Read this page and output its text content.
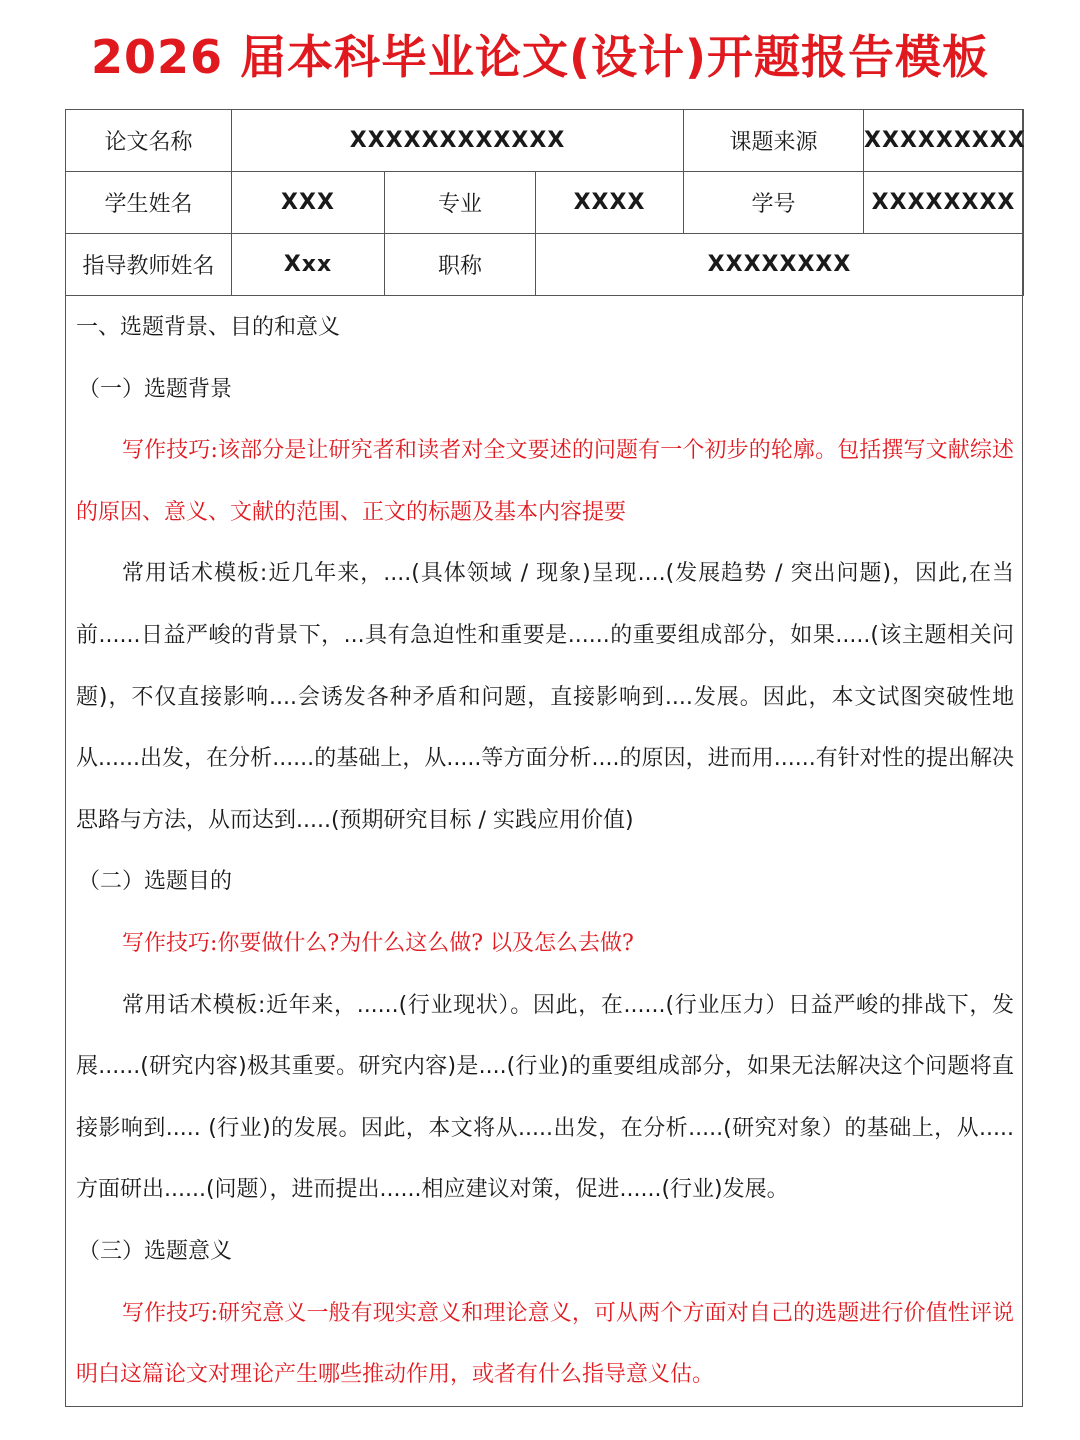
2026 届本科毕业论文(设计)开题报告模板
论文名称	XXXXXXXXXXXX			课题来源	XXXXXXXXX
学生姓名	XXX	专业	XXXX	学号	XXXXXXXX
指导教师姓名	Xxx	职称	XXXXXXXX		
一、选题背景、目的和意义
（一）选题背景
写作技巧:该部分是让研究者和读者对全文要述的问题有一个初步的轮廓。包括撰写文献综述的原因、意义、文献的范围、正文的标题及基本内容提要
常用话术模板:近几年来，....(具体领域 / 现象)呈现....(发展趋势 / 突出问题)，因此,在当前......日益严峻的背景下，...具有急迫性和重要是......的重要组成部分，如果.....(该主题相关问题)，不仅直接影响....会诱发各种矛盾和问题，直接影响到....发展。因此，本文试图突破性地从......出发，在分析......的基础上，从.....等方面分析....的原因，进而用......有针对性的提出解决思路与方法，从而达到.....(预期研究目标 / 实践应用价值)
（二）选题目的
写作技巧:你要做什么?为什么这么做? 以及怎么去做?
常用话术模板:近年来，......(行业现状）。因此，在......(行业压力）日益严峻的排战下，发展......(研究内容)极其重要。研究内容)是....(行业)的重要组成部分，如果无法解决这个问题将直接影响到..... (行业)的发展。因此，本文将从.....出发，在分析.....(研究对象）的基础上，从.....方面研出......(问题），进而提出......相应建议对策，促进......(行业)发展。
（三）选题意义
写作技巧:研究意义一般有现实意义和理论意义，可从两个方面对自己的选题进行价值性评说明白这篇论文对理论产生哪些推动作用，或者有什么指导意义估。
